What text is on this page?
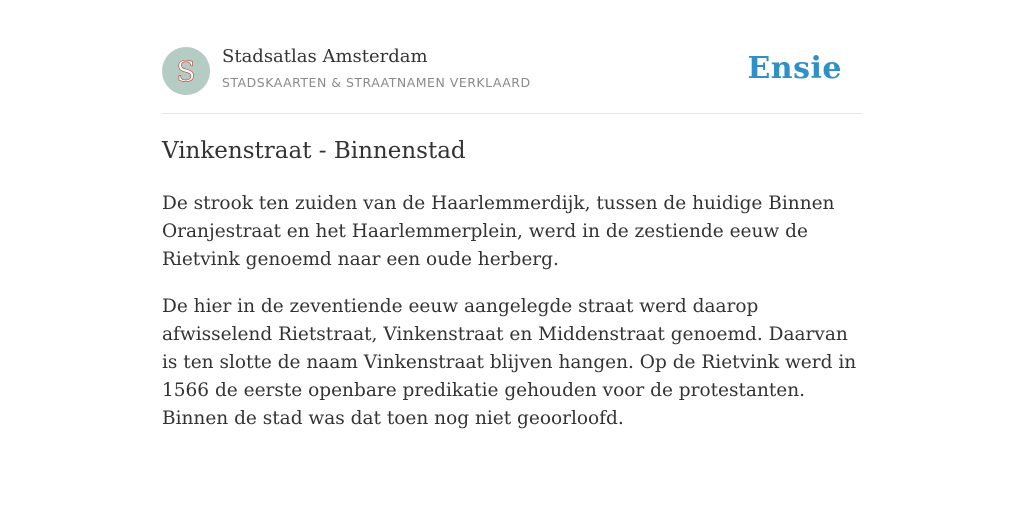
S Stadsatlas Amsterdam
STADSKAARTEN & STRAATNAMEN VERKLAARD	Ensie
Vinkenstraat - Binnenstad

De strook ten zuiden van de Haarlemmerdijk, tussen de huidige Binnen Oranjestraat en het Haarlemmerplein, werd in de zestiende eeuw de Rietvink genoemd naar een oude herberg.

De hier in de zeventiende eeuw aangelegde straat werd daarop afwisselend Rietstraat, Vinkenstraat en Middenstraat genoemd. Daarvan is ten slotte de naam Vinkenstraat blijven hangen. Op de Rietvink werd in 1566 de eerste openbare predikatie gehouden voor de protestanten. Binnen de stad was dat toen nog niet geoorloofd.
